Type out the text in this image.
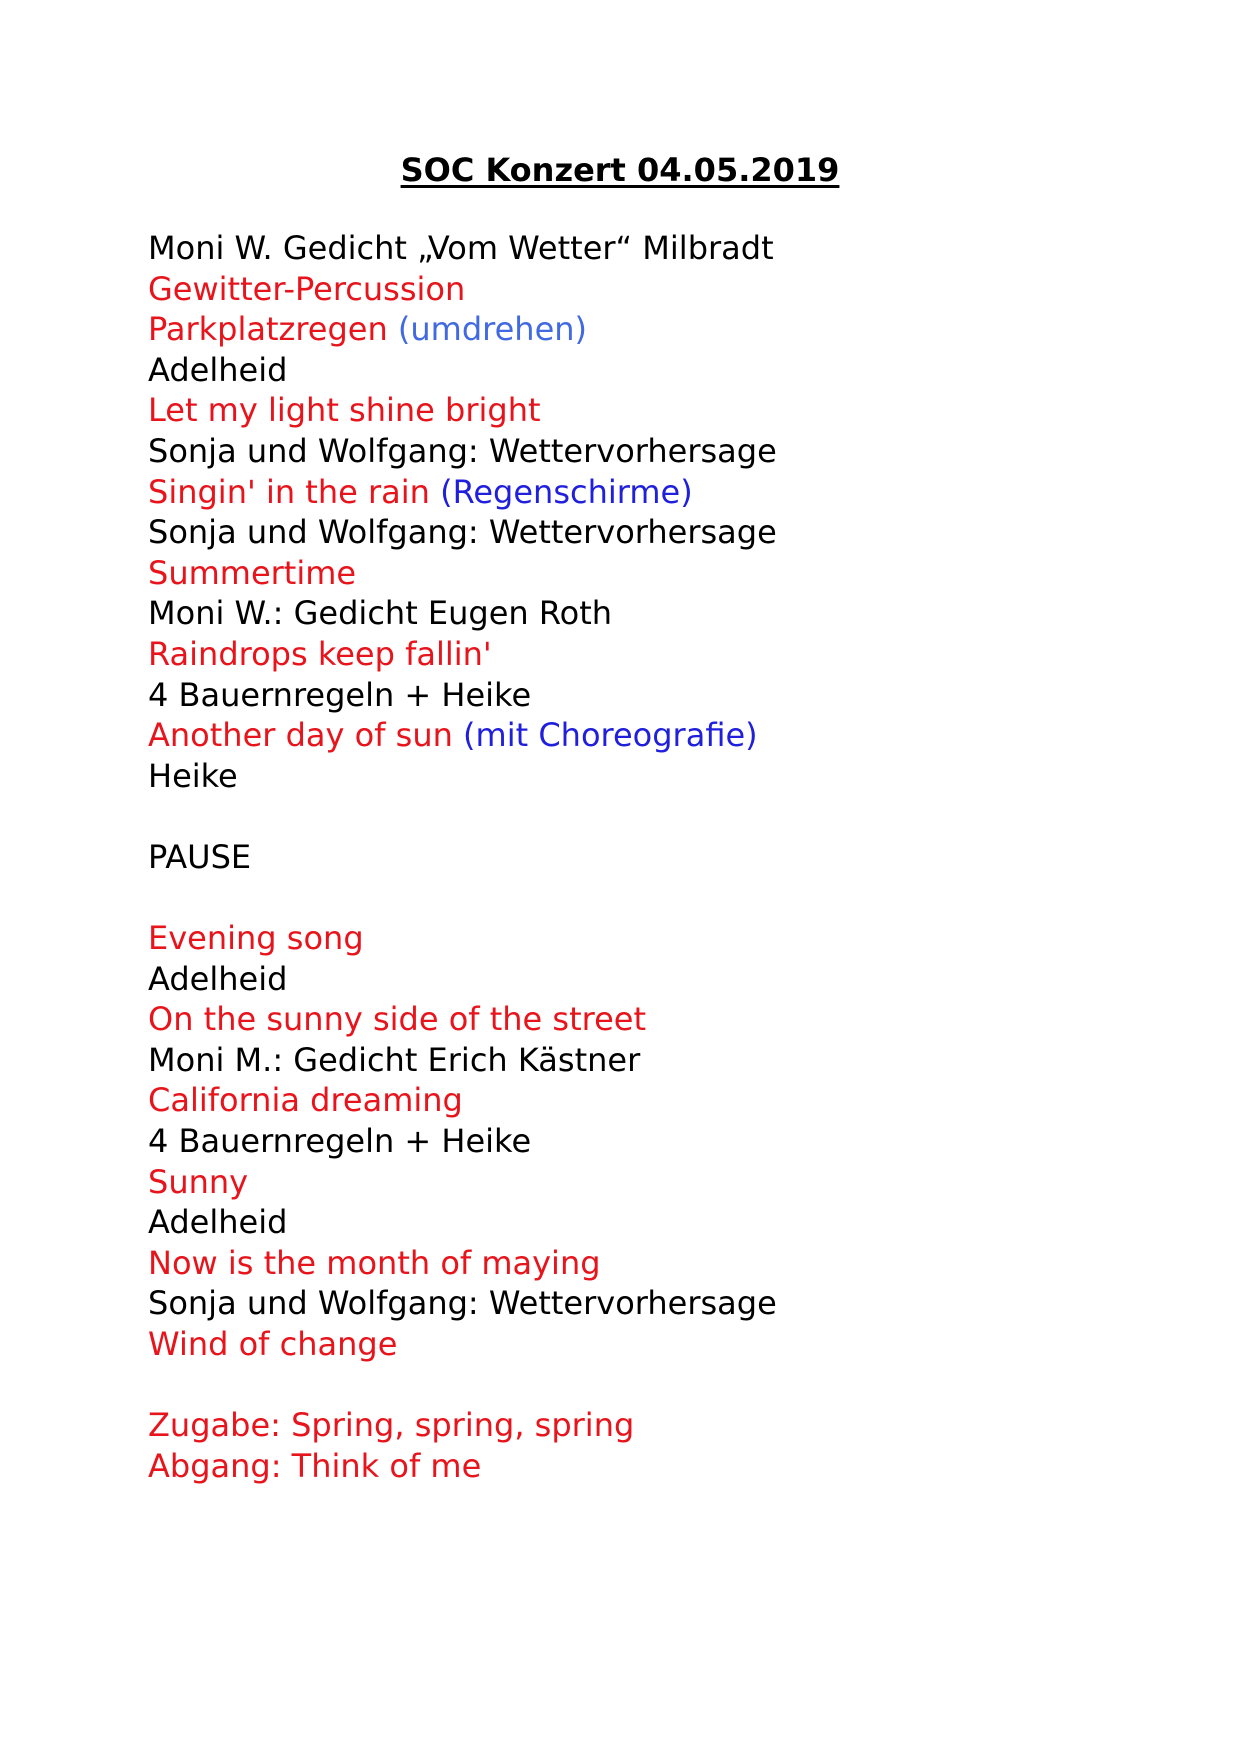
SOC Konzert 04.05.2019
Moni W. Gedicht „Vom Wetter“ Milbradt
Gewitter-Percussion
Parkplatzregen (umdrehen)
Adelheid
Let my light shine bright
Sonja und Wolfgang: Wettervorhersage
Singin' in the rain (Regenschirme)
Sonja und Wolfgang: Wettervorhersage
Summertime
Moni W.: Gedicht Eugen Roth
Raindrops keep fallin'
4 Bauernregeln + Heike
Another day of sun (mit Choreografie)
Heike
PAUSE
Evening song
Adelheid
On the sunny side of the street
Moni M.: Gedicht Erich Kästner
California dreaming
4 Bauernregeln + Heike
Sunny
Adelheid
Now is the month of maying
Sonja und Wolfgang: Wettervorhersage
Wind of change
Zugabe: Spring, spring, spring
Abgang: Think of me
